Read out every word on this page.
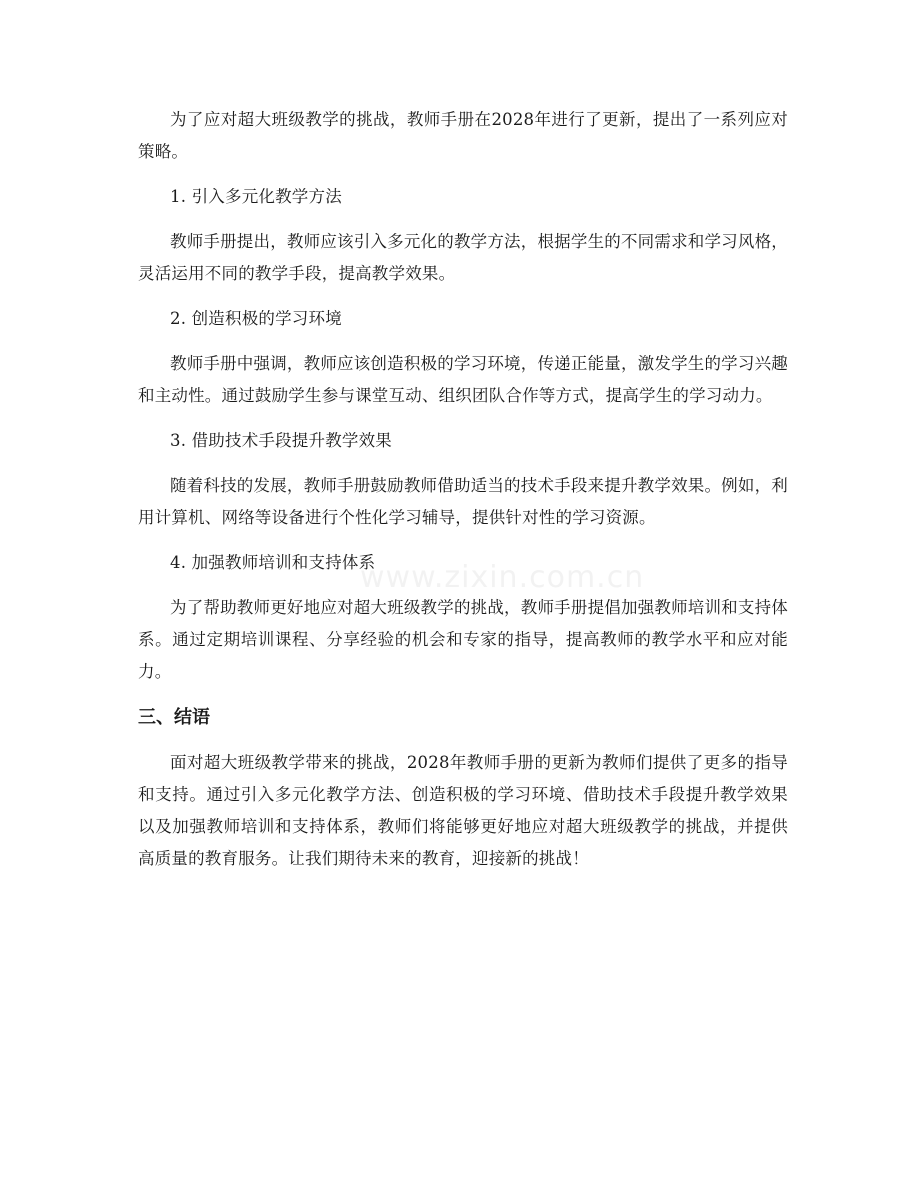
www.zixin.com.cn

为了应对超大班级教学的挑战，教师手册在2028年进行了更新，提出了一系列应对策略。

1. 引入多元化教学方法

教师手册提出，教师应该引入多元化的教学方法，根据学生的不同需求和学习风格，灵活运用不同的教学手段，提高教学效果。

2. 创造积极的学习环境

教师手册中强调，教师应该创造积极的学习环境，传递正能量，激发学生的学习兴趣和主动性。通过鼓励学生参与课堂互动、组织团队合作等方式，提高学生的学习动力。

3. 借助技术手段提升教学效果

随着科技的发展，教师手册鼓励教师借助适当的技术手段来提升教学效果。例如，利用计算机、网络等设备进行个性化学习辅导，提供针对性的学习资源。

4. 加强教师培训和支持体系

为了帮助教师更好地应对超大班级教学的挑战，教师手册提倡加强教师培训和支持体系。通过定期培训课程、分享经验的机会和专家的指导，提高教师的教学水平和应对能力。

三、结语

面对超大班级教学带来的挑战，2028年教师手册的更新为教师们提供了更多的指导和支持。通过引入多元化教学方法、创造积极的学习环境、借助技术手段提升教学效果以及加强教师培训和支持体系，教师们将能够更好地应对超大班级教学的挑战，并提供高质量的教育服务。让我们期待未来的教育，迎接新的挑战！
